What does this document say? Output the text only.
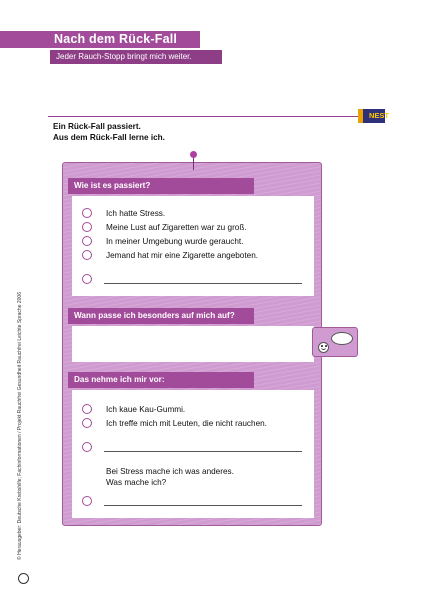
Nach dem Rück-Fall
Jeder Rauch-Stopp bringt mich weiter.
NEST
Ein Rück-Fall passiert.
Aus dem Rück-Fall lerne ich.
Wie ist es passiert?
Ich hatte Stress.
Meine Lust auf Zigaretten war zu groß.
In meiner Umgebung wurde geraucht.
Jemand hat mir eine Zigarette angeboten.
Wann passe ich besonders auf mich auf?
Das nehme ich mir vor:
Ich kaue Kau-Gummi.
Ich treffe mich mit Leuten, die nicht rauchen.
Bei Stress mache ich was anderes.
Was mache ich?
© Herausgeber: Deutsche Krebshilfe; Fachinformationen / Projekt Rauchfrei Gesundheit Rauchfrei Leichte Sprache 2006
